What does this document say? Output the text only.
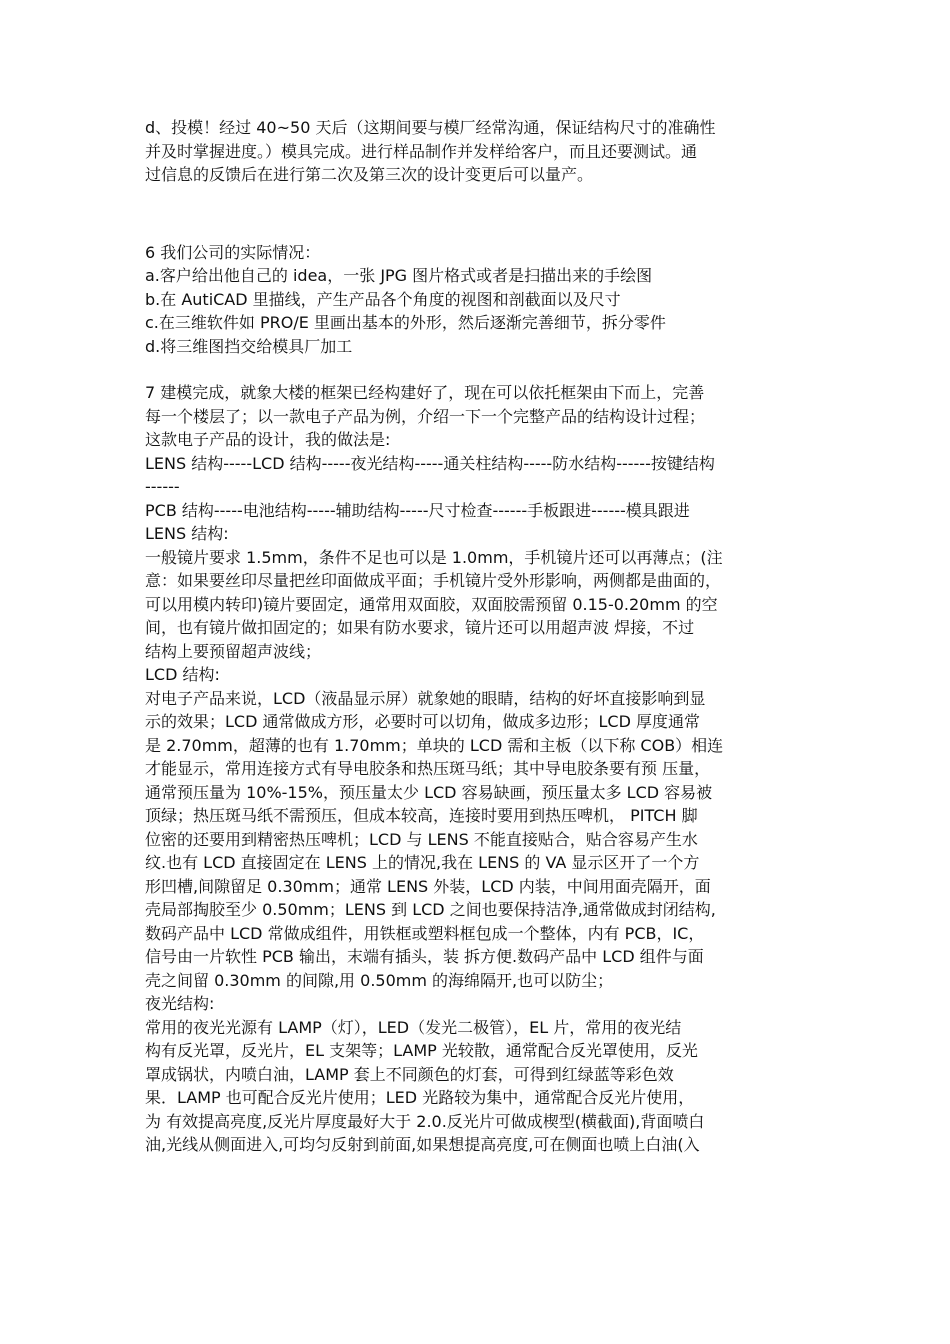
d、投模！经过 40~50 天后（这期间要与模厂经常沟通，保证结构尺寸的准确性
并及时掌握进度。）模具完成。进行样品制作并发样给客户，而且还要测试。通
过信息的反馈后在进行第二次及第三次的设计变更后可以量产。
6 我们公司的实际情况：
a.客户给出他自己的 idea，一张 JPG 图片格式或者是扫描出来的手绘图
b.在 AutiCAD 里描线，产生产品各个角度的视图和剖截面以及尺寸
c.在三维软件如 PRO/E 里画出基本的外形，然后逐渐完善细节，拆分零件
d.将三维图挡交给模具厂加工
7 建模完成，就象大楼的框架已经构建好了，现在可以依托框架由下而上，完善
每一个楼层了；以一款电子产品为例，介绍一下一个完整产品的结构设计过程；
这款电子产品的设计，我的做法是:
LENS 结构-----LCD 结构-----夜光结构-----通关柱结构-----防水结构------按键结构
------
PCB 结构-----电池结构-----辅助结构-----尺寸检查------手板跟进------模具跟进
LENS 结构:
一般镜片要求 1.5mm，条件不足也可以是 1.0mm，手机镜片还可以再薄点；(注
意：如果要丝印尽量把丝印面做成平面；手机镜片受外形影响，两侧都是曲面的，
可以用模内转印)镜片要固定，通常用双面胶，双面胶需预留 0.15-0.20mm 的空
间，也有镜片做扣固定的；如果有防水要求，镜片还可以用超声波 焊接，不过
结构上要预留超声波线；
LCD 结构:
对电子产品来说，LCD（液晶显示屏）就象她的眼睛，结构的好坏直接影响到显
示的效果；LCD 通常做成方形，必要时可以切角，做成多边形；LCD 厚度通常
是 2.70mm，超薄的也有 1.70mm；单块的 LCD 需和主板（以下称 COB）相连
才能显示，常用连接方式有导电胶条和热压斑马纸；其中导电胶条要有预 压量，
通常预压量为 10%-15%，预压量太少 LCD 容易缺画，预压量太多 LCD 容易被
顶绿；热压斑马纸不需预压，但成本较高，连接时要用到热压啤机， PITCH 脚
位密的还要用到精密热压啤机；LCD 与 LENS 不能直接贴合，贴合容易产生水
纹.也有 LCD 直接固定在 LENS 上的情况,我在 LENS 的 VA 显示区开了一个方
形凹槽,间隙留足 0.30mm；通常 LENS 外装，LCD 内装，中间用面壳隔开，面
壳局部掏胶至少 0.50mm；LENS 到 LCD 之间也要保持洁净,通常做成封闭结构,
数码产品中 LCD 常做成组件，用铁框或塑料框包成一个整体，内有 PCB，IC，
信号由一片软性 PCB 输出，末端有插头，装 拆方便.数码产品中 LCD 组件与面
壳之间留 0.30mm 的间隙,用 0.50mm 的海绵隔开,也可以防尘；
夜光结构:
常用的夜光光源有 LAMP（灯），LED（发光二极管），EL 片，常用的夜光结
构有反光罩，反光片，EL 支架等；LAMP 光较散，通常配合反光罩使用，反光
罩成锅状，内喷白油，LAMP 套上不同颜色的灯套，可得到红绿蓝等彩色效
果．LAMP 也可配合反光片使用；LED 光路较为集中，通常配合反光片使用，
为 有效提高亮度,反光片厚度最好大于 2.0.反光片可做成楔型(横截面),背面喷白
油,光线从侧面进入,可均匀反射到前面,如果想提高亮度,可在侧面也喷上白油(入
